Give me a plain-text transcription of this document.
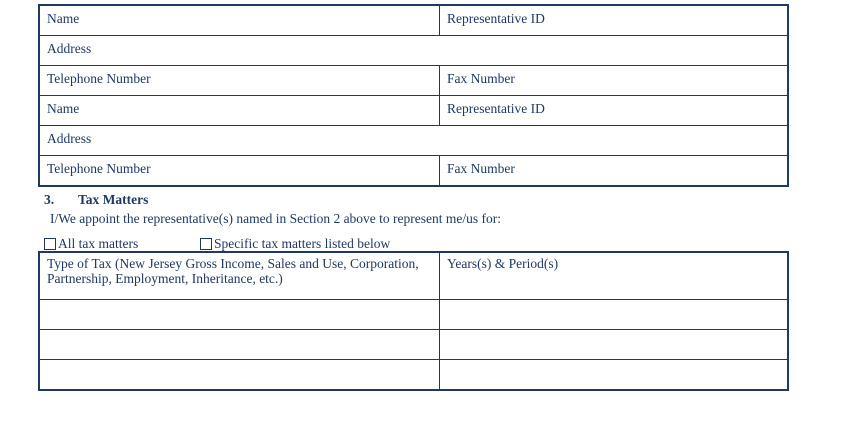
Name	Representative ID

Address	

Telephone Number	Fax Number

Name	Representative ID

Address	

Telephone Number	Fax Number
3. Tax Matters
I/We appoint the representative(s) named in Section 2 above to represent me/us for:
All tax matters	Specific tax matters listed below
Type of Tax (New Jersey Gross Income, Sales and Use, Corporation, Partnership, Employment, Inheritance, etc.)	Years(s) & Period(s)
